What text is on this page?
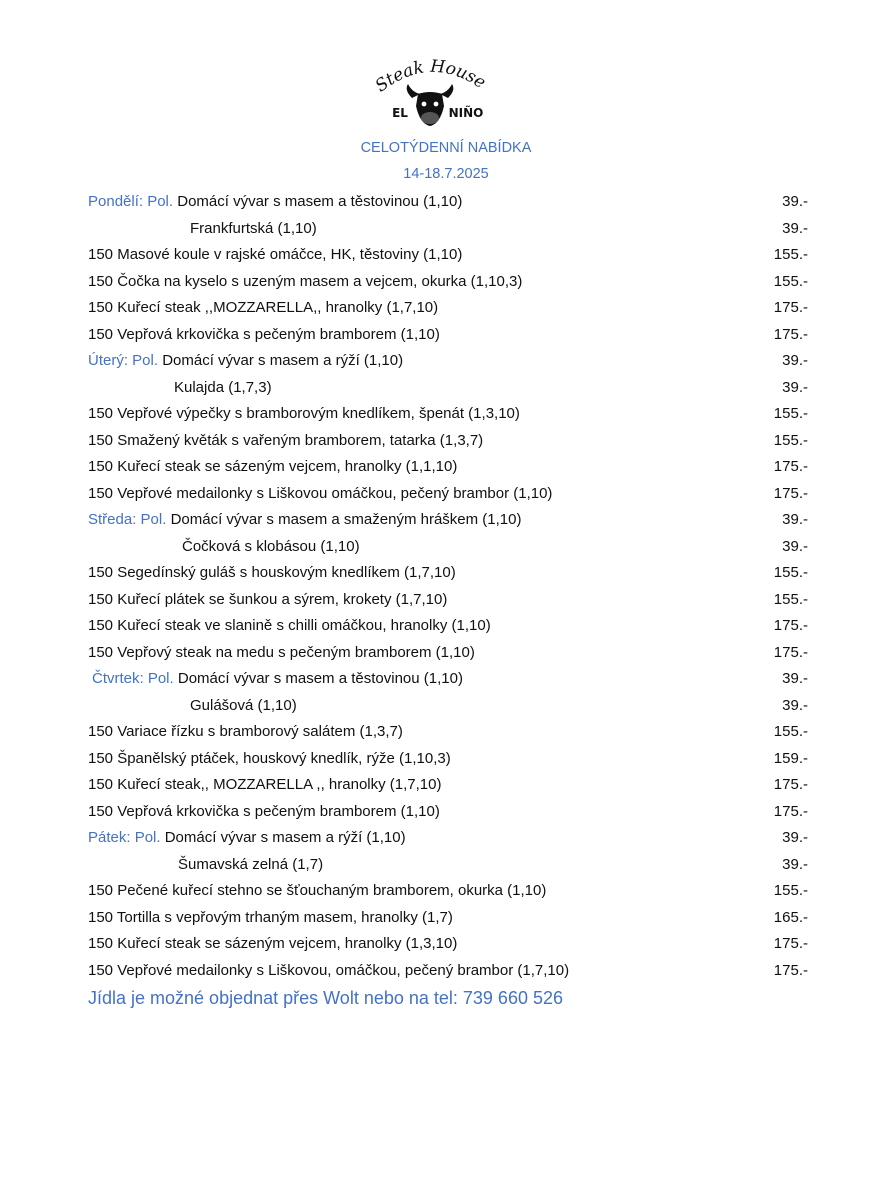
Steak House
EL	NIÑO
CELOTÝDENNÍ NABÍDKA
14-18.7.2025
Pondělí: Pol. Domácí vývar s masem a těstovinou (1,10)	39.-
Frankfurtská (1,10)	39.-
150 Masové koule v rajské omáčce, HK, těstoviny (1,10)	155.-
150 Čočka na kyselo s uzeným masem a vejcem, okurka (1,10,3)	155.-
150 Kuřecí steak ,,MOZZARELLA,, hranolky (1,7,10)	175.-
150 Vepřová krkovička s pečeným bramborem (1,10)	175.-
Úterý: Pol. Domácí vývar s masem a rýží (1,10)	39.-
Kulajda (1,7,3)	39.-
150 Vepřové výpečky s bramborovým knedlíkem, špenát (1,3,10)	155.-
150 Smažený květák s vařeným bramborem, tatarka (1,3,7)	155.-
150 Kuřecí steak se sázeným vejcem, hranolky (1,1,10)	175.-
150 Vepřové medailonky s Liškovou omáčkou, pečený brambor (1,10)	175.-
Středa: Pol. Domácí vývar s masem a smaženým hráškem (1,10)	39.-
Čočková s klobásou (1,10)	39.-
150 Segedínský guláš s houskovým knedlíkem (1,7,10)	155.-
150 Kuřecí plátek se šunkou a sýrem, krokety (1,7,10)	155.-
150 Kuřecí steak ve slanině s chilli omáčkou, hranolky (1,10)	175.-
150 Vepřový steak na medu s pečeným bramborem (1,10)	175.-
Čtvrtek: Pol. Domácí vývar s masem a těstovinou (1,10)	39.-
Gulášová (1,10)	39.-
150 Variace řízku s bramborový salátem (1,3,7)	155.-
150 Španělský ptáček, houskový knedlík, rýže (1,10,3)	159.-
150 Kuřecí steak,, MOZZARELLA ,, hranolky (1,7,10)	175.-
150 Vepřová krkovička s pečeným bramborem (1,10)	175.-
Pátek: Pol. Domácí vývar s masem a rýží (1,10)	39.-
Šumavská zelná (1,7)	39.-
150 Pečené kuřecí stehno se šťouchaným bramborem, okurka (1,10)	155.-
150 Tortilla s vepřovým trhaným masem, hranolky (1,7)	165.-
150 Kuřecí steak se sázeným vejcem, hranolky (1,3,10)	175.-
150 Vepřové medailonky s Liškovou, omáčkou, pečený brambor (1,7,10)	175.-
Jídla je možné objednat přes Wolt nebo na tel: 739 660 526
